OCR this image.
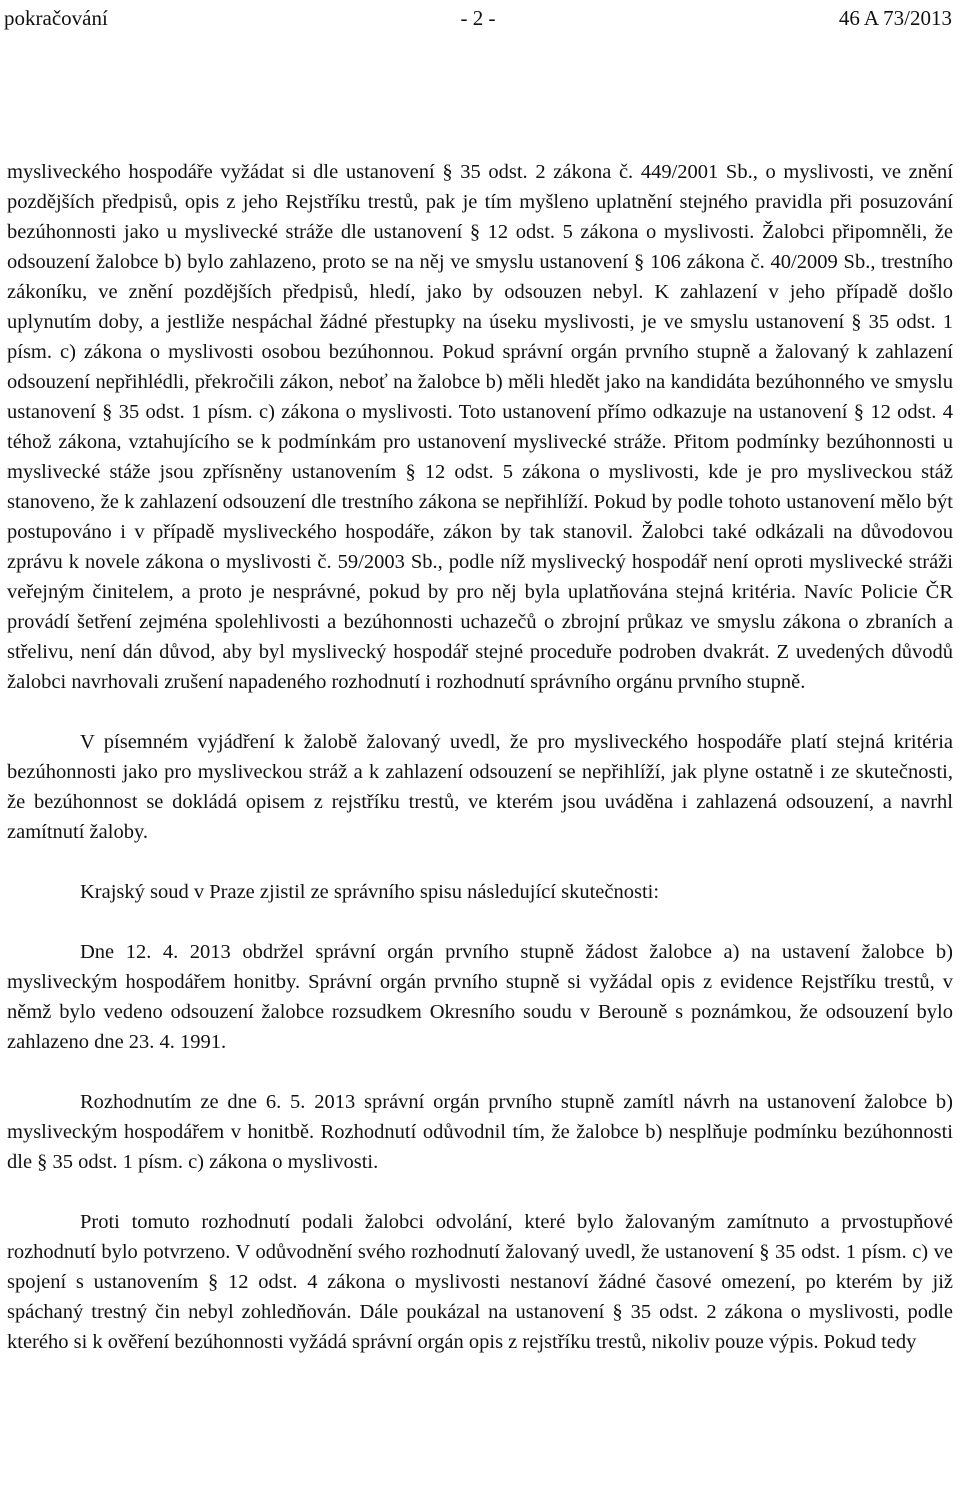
pokračování	- 2 -	46 A 73/2013

mysliveckého hospodáře vyžádat si dle ustanovení § 35 odst. 2 zákona č. 449/2001 Sb., o myslivosti, ve znění pozdějších předpisů, opis z jeho Rejstříku trestů, pak je tím myšleno uplatnění stejného pravidla při posuzování bezúhonnosti jako u myslivecké stráže dle ustanovení § 12 odst. 5 zákona o myslivosti. Žalobci připomněli, že odsouzení žalobce b) bylo zahlazeno, proto se na něj ve smyslu ustanovení § 106 zákona č. 40/2009 Sb., trestního zákoníku, ve znění pozdějších předpisů, hledí, jako by odsouzen nebyl. K zahlazení v jeho případě došlo uplynutím doby, a jestliže nespáchal žádné přestupky na úseku myslivosti, je ve smyslu ustanovení § 35 odst. 1 písm. c) zákona o myslivosti osobou bezúhonnou. Pokud správní orgán prvního stupně a žalovaný k zahlazení odsouzení nepřihlédli, překročili zákon, neboť na žalobce b) měli hledět jako na kandidáta bezúhonného ve smyslu ustanovení § 35 odst. 1 písm. c) zákona o myslivosti. Toto ustanovení přímo odkazuje na ustanovení § 12 odst. 4 téhož zákona, vztahujícího se k podmínkám pro ustanovení myslivecké stráže. Přitom podmínky bezúhonnosti u myslivecké stáže jsou zpřísněny ustanovením § 12 odst. 5 zákona o myslivosti, kde je pro mysliveckou stáž stanoveno, že k zahlazení odsouzení dle trestního zákona se nepřihlíží. Pokud by podle tohoto ustanovení mělo být postupováno i v případě mysliveckého hospodáře, zákon by tak stanovil. Žalobci také odkázali na důvodovou zprávu k novele zákona o myslivosti č. 59/2003 Sb., podle níž myslivecký hospodář není oproti myslivecké stráži veřejným činitelem, a proto je nesprávné, pokud by pro něj byla uplatňována stejná kritéria. Navíc Policie ČR provádí šetření zejména spolehlivosti a bezúhonnosti uchazečů o zbrojní průkaz ve smyslu zákona o zbraních a střelivu, není dán důvod, aby byl myslivecký hospodář stejné proceduře podroben dvakrát. Z uvedených důvodů žalobci navrhovali zrušení napadeného rozhodnutí i rozhodnutí správního orgánu prvního stupně.

V písemném vyjádření k žalobě žalovaný uvedl, že pro mysliveckého hospodáře platí stejná kritéria bezúhonnosti jako pro mysliveckou stráž a k zahlazení odsouzení se nepřihlíží, jak plyne ostatně i ze skutečnosti, že bezúhonnost se dokládá opisem z rejstříku trestů, ve kterém jsou uváděna i zahlazená odsouzení, a navrhl zamítnutí žaloby.

Krajský soud v Praze zjistil ze správního spisu následující skutečnosti:

Dne 12. 4. 2013 obdržel správní orgán prvního stupně žádost žalobce a) na ustavení žalobce b) mysliveckým hospodářem honitby. Správní orgán prvního stupně si vyžádal opis z evidence Rejstříku trestů, v němž bylo vedeno odsouzení žalobce rozsudkem Okresního soudu v Berouně s poznámkou, že odsouzení bylo zahlazeno dne 23. 4. 1991.

Rozhodnutím ze dne 6. 5. 2013 správní orgán prvního stupně zamítl návrh na ustanovení žalobce b) mysliveckým hospodářem v honitbě. Rozhodnutí odůvodnil tím, že žalobce b) nesplňuje podmínku bezúhonnosti dle § 35 odst. 1 písm. c) zákona o myslivosti.

Proti tomuto rozhodnutí podali žalobci odvolání, které bylo žalovaným zamítnuto a prvostupňové rozhodnutí bylo potvrzeno. V odůvodnění svého rozhodnutí žalovaný uvedl, že ustanovení § 35 odst. 1 písm. c) ve spojení s ustanovením § 12 odst. 4 zákona o myslivosti nestanoví žádné časové omezení, po kterém by již spáchaný trestný čin nebyl zohledňován. Dále poukázal na ustanovení § 35 odst. 2 zákona o myslivosti, podle kterého si k ověření bezúhonnosti vyžádá správní orgán opis z rejstříku trestů, nikoliv pouze výpis. Pokud tedy
